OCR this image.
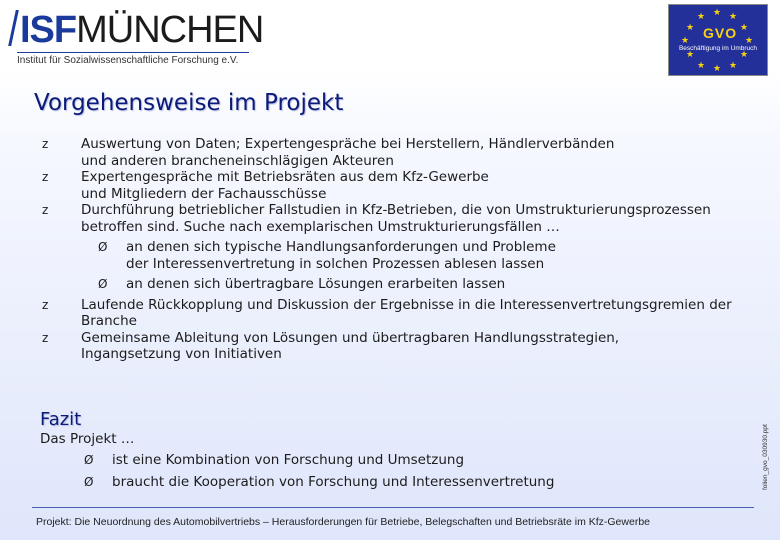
ISFMÜNCHEN
Institut für Sozialwissenschaftliche Forschung e.V.
★ ★
★
★
★
★
★
★
★
★
★
★
GVO
Beschäftigung im Umbruch
Vorgehensweise im Projekt
z Auswertung von Daten; Expertengespräche bei Herstellern, Händlerverbänden
und anderen brancheneinschlägigen Akteuren
z Expertengespräche mit Betriebsräten aus dem Kfz-Gewerbe
und Mitgliedern der Fachausschüsse
z Durchführung betrieblicher Fallstudien in Kfz-Betrieben, die von Umstrukturierungsprozessen
betroffen sind. Suche nach exemplarischen Umstrukturierungsfällen …
Ø an denen sich typische Handlungsanforderungen und Probleme
der Interessenvertretung in solchen Prozessen ablesen lassen
Ø an denen sich übertragbare Lösungen erarbeiten lassen
z Laufende Rückkopplung und Diskussion der Ergebnisse in die Interessenvertretungsgremien der
Branche
z Gemeinsame Ableitung von Lösungen und übertragbaren Handlungsstrategien,
Ingangsetzung von Initiativen
Fazit
Das Projekt …
Ø ist eine Kombination von Forschung und Umsetzung
Ø braucht die Kooperation von Forschung und Interessenvertretung	folien_gvo_030930.ppt
Projekt: Die Neuordnung des Automobilvertriebs – Herausforderungen für Betriebe, Belegschaften und Betriebsräte im Kfz-Gewerbe
